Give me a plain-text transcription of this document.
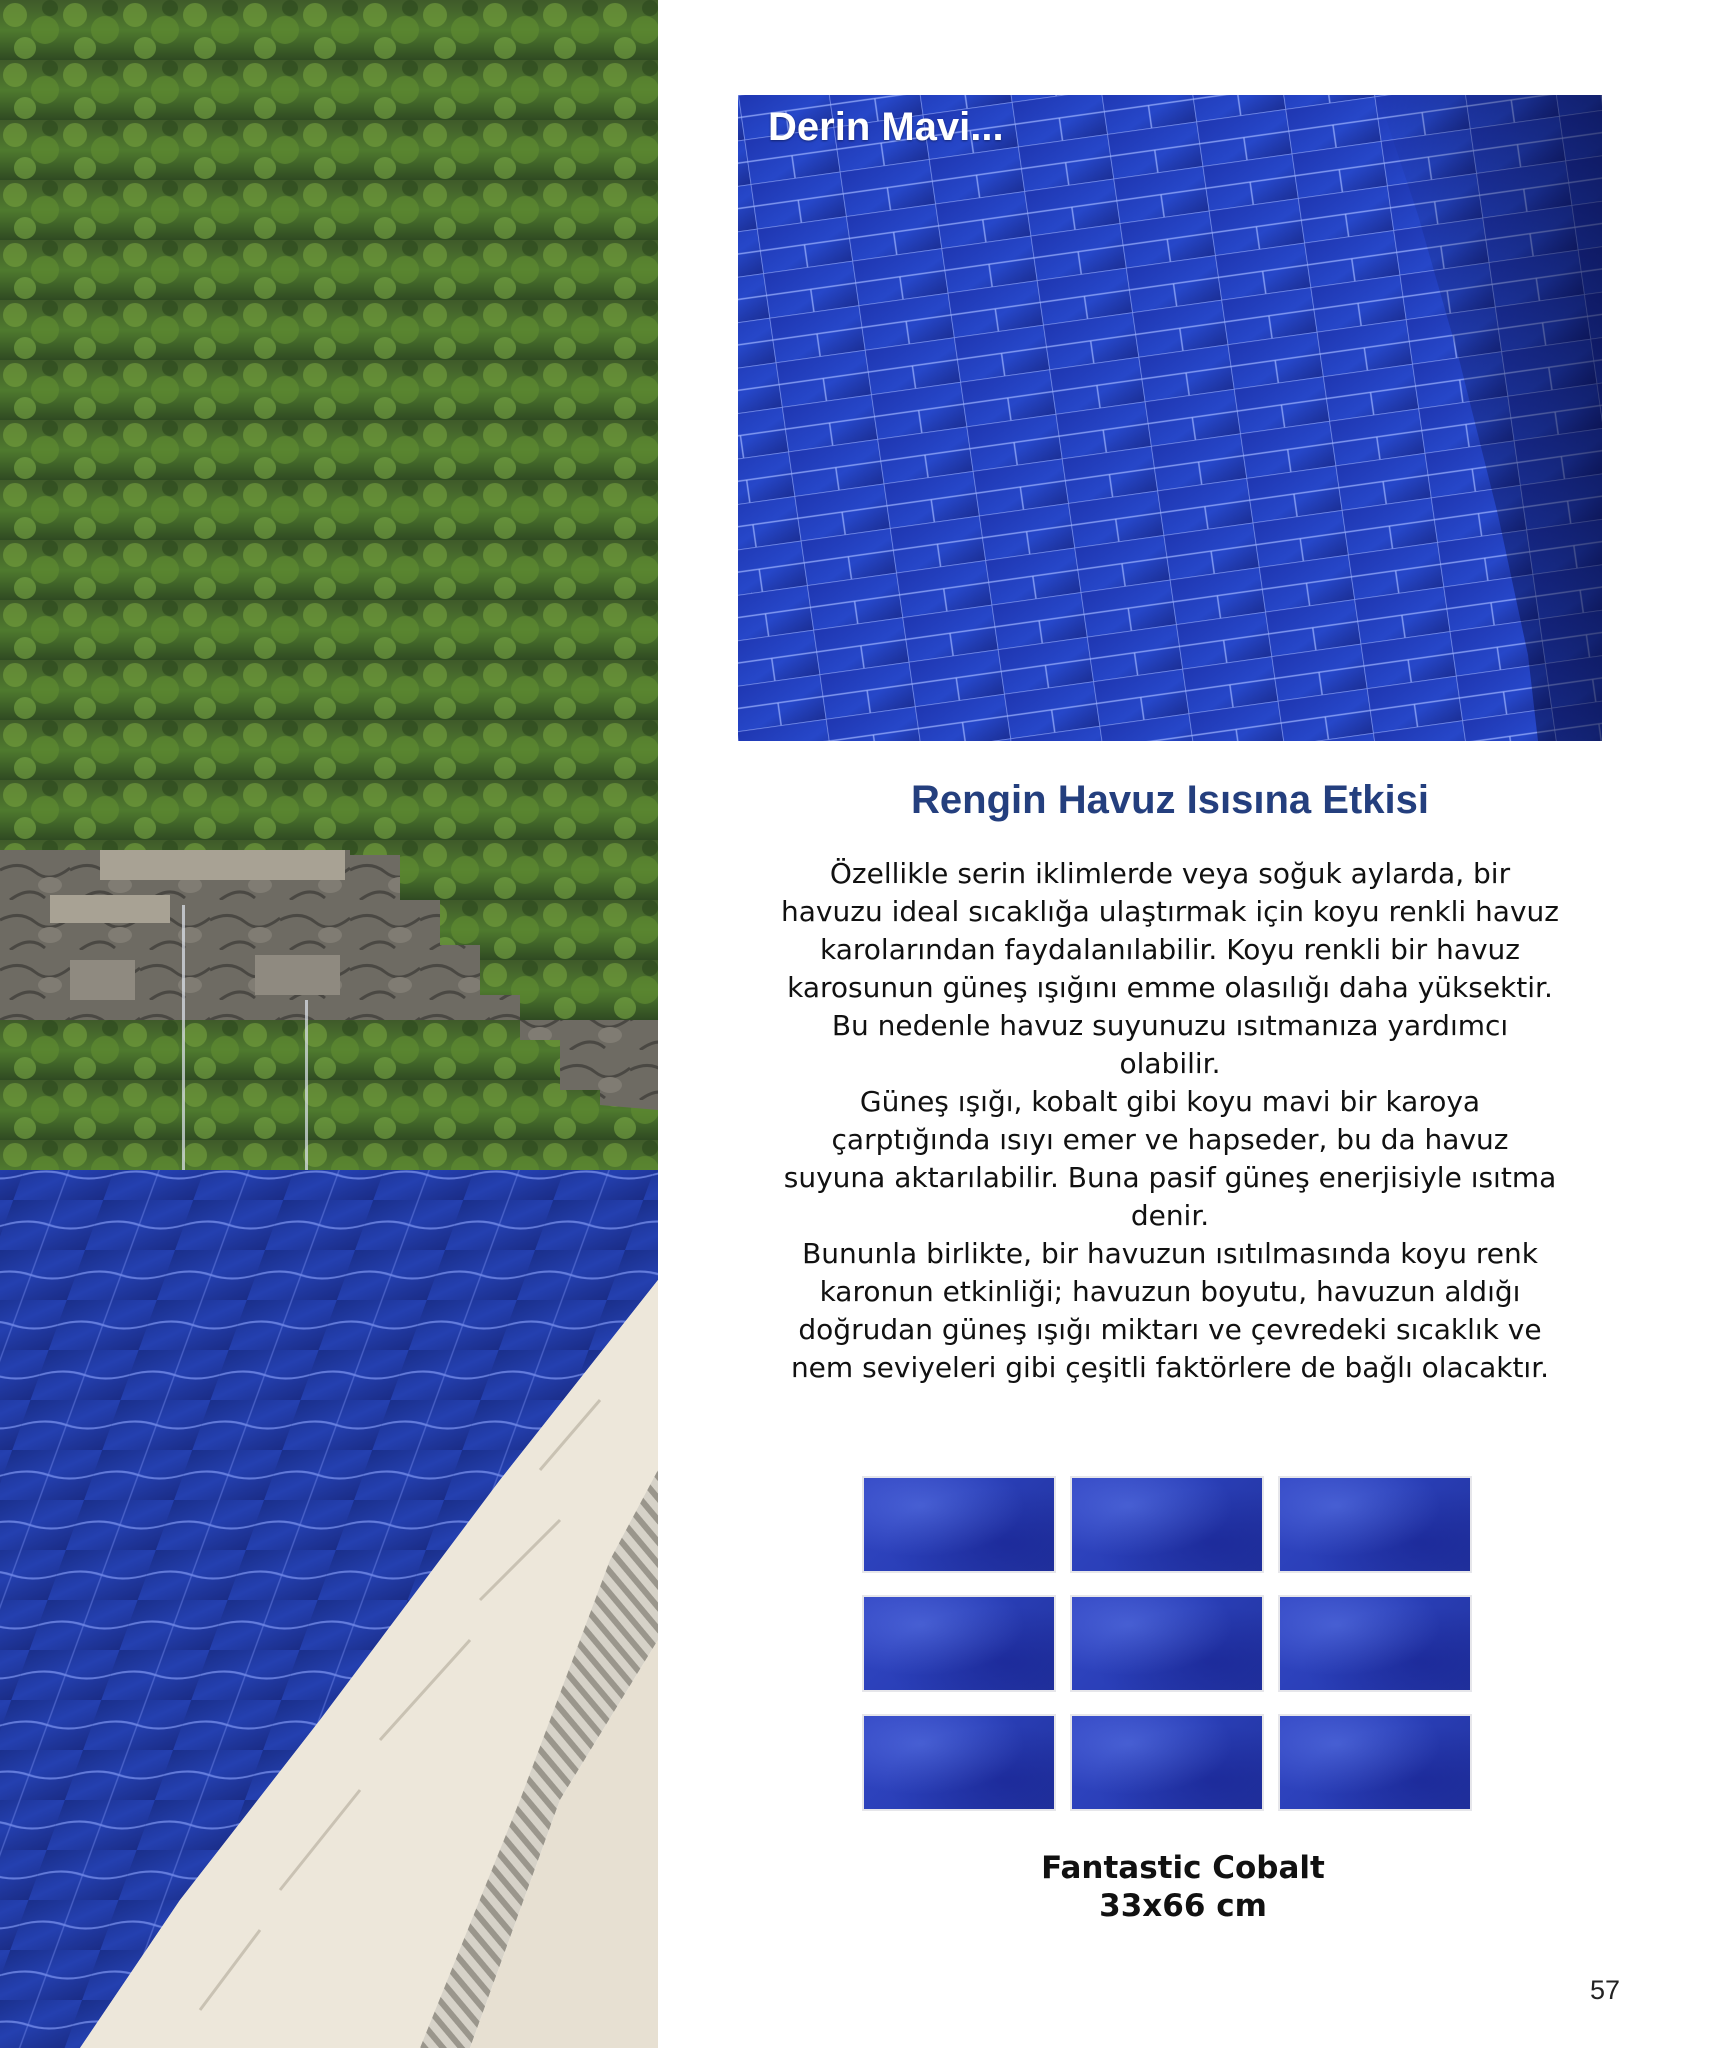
Derin Mavi...
Rengin Havuz Isısına Etkisi

Özellikle serin iklimlerde veya soğuk aylarda, bir havuzu ideal sıcaklığa ulaştırmak için koyu renkli havuz karolarından faydalanılabilir. Koyu renkli bir havuz karosunun güneş ışığını emme olasılığı daha yüksektir. Bu nedenle havuz suyunuzu ısıtmanıza yardımcı olabilir.

Güneş ışığı, kobalt gibi koyu mavi bir karoya çarptığında ısıyı emer ve hapseder, bu da havuz suyuna aktarılabilir. Buna pasif güneş enerjisiyle ısıtma denir.

Bununla birlikte, bir havuzun ısıtılmasında koyu renk karonun etkinliği; havuzun boyutu, havuzun aldığı doğrudan güneş ışığı miktarı ve çevredeki sıcaklık ve nem seviyeleri gibi çeşitli faktörlere de bağlı olacaktır.

Fantastic Cobalt
33x66 cm
57
